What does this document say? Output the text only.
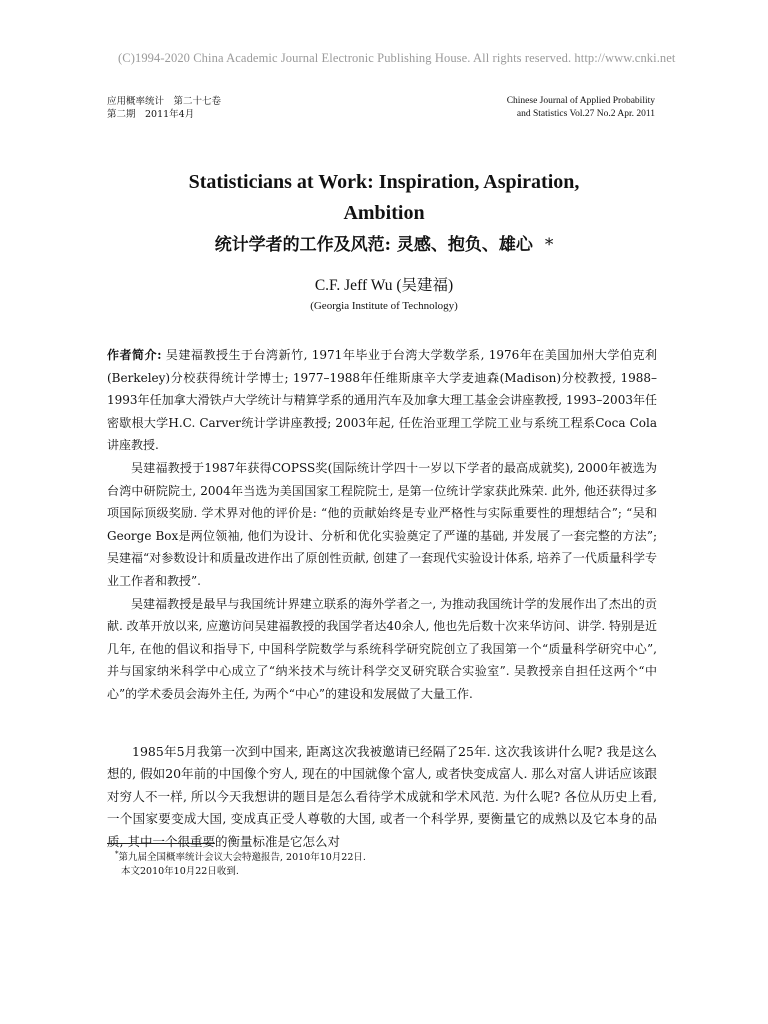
(C)1994-2020 China Academic Journal Electronic Publishing House. All rights reserved. http://www.cnki.net
应用概率统计　第二十七卷
第二期　2011年4月
Chinese Journal of Applied Probability
and Statistics Vol.27 No.2 Apr. 2011
Statisticians at Work: Inspiration, Aspiration,
Ambition
统计学者的工作及风范: 灵感、抱负、雄心 *
C.F. Jeff Wu (吴建福)
(Georgia Institute of Technology)

作者简介: 吴建福教授生于台湾新竹, 1971年毕业于台湾大学数学系, 1976年在美国加州大学伯克利(Berkeley)分校获得统计学博士; 1977–1988年任维斯康辛大学麦迪森(Madison)分校教授, 1988–1993年任加拿大滑铁卢大学统计与精算学系的通用汽车及加拿大理工基金会讲座教授, 1993–2003年任密歇根大学H.C. Carver统计学讲座教授; 2003年起, 任佐治亚理工学院工业与系统工程系Coca Cola讲座教授.

吴建福教授于1987年获得COPSS奖(国际统计学四十一岁以下学者的最高成就奖), 2000年被选为台湾中研院院士, 2004年当选为美国国家工程院院士, 是第一位统计学家获此殊荣. 此外, 他还获得过多项国际顶级奖励. 学术界对他的评价是: “他的贡献始终是专业严格性与实际重要性的理想结合”; “吴和George Box是两位领袖, 他们为设计、分析和优化实验奠定了严谨的基础, 并发展了一套完整的方法”; 吴建福“对参数设计和质量改进作出了原创性贡献, 创建了一套现代实验设计体系, 培养了一代质量科学专业工作者和教授”.

吴建福教授是最早与我国统计界建立联系的海外学者之一, 为推动我国统计学的发展作出了杰出的贡献. 改革开放以来, 应邀访问吴建福教授的我国学者达40余人, 他也先后数十次来华访问、讲学. 特别是近几年, 在他的倡议和指导下, 中国科学院数学与系统科学研究院创立了我国第一个“质量科学研究中心”, 并与国家纳米科学中心成立了“纳米技术与统计科学交叉研究联合实验室”. 吴教授亲自担任这两个“中心”的学术委员会海外主任, 为两个“中心”的建设和发展做了大量工作.

1985年5月我第一次到中国来, 距离这次我被邀请已经隔了25年. 这次我该讲什么呢? 我是这么想的, 假如20年前的中国像个穷人, 现在的中国就像个富人, 或者快变成富人. 那么对富人讲话应该跟对穷人不一样, 所以今天我想讲的题目是怎么看待学术成就和学术风范. 为什么呢? 各位从历史上看, 一个国家要变成大国, 变成真正受人尊敬的大国, 或者一个科学界, 要衡量它的成熟以及它本身的品质, 其中一个很重要的衡量标准是它怎么对

*第九届全国概率统计会议大会特邀报告, 2010年10月22日.
本文2010年10月22日收到.
